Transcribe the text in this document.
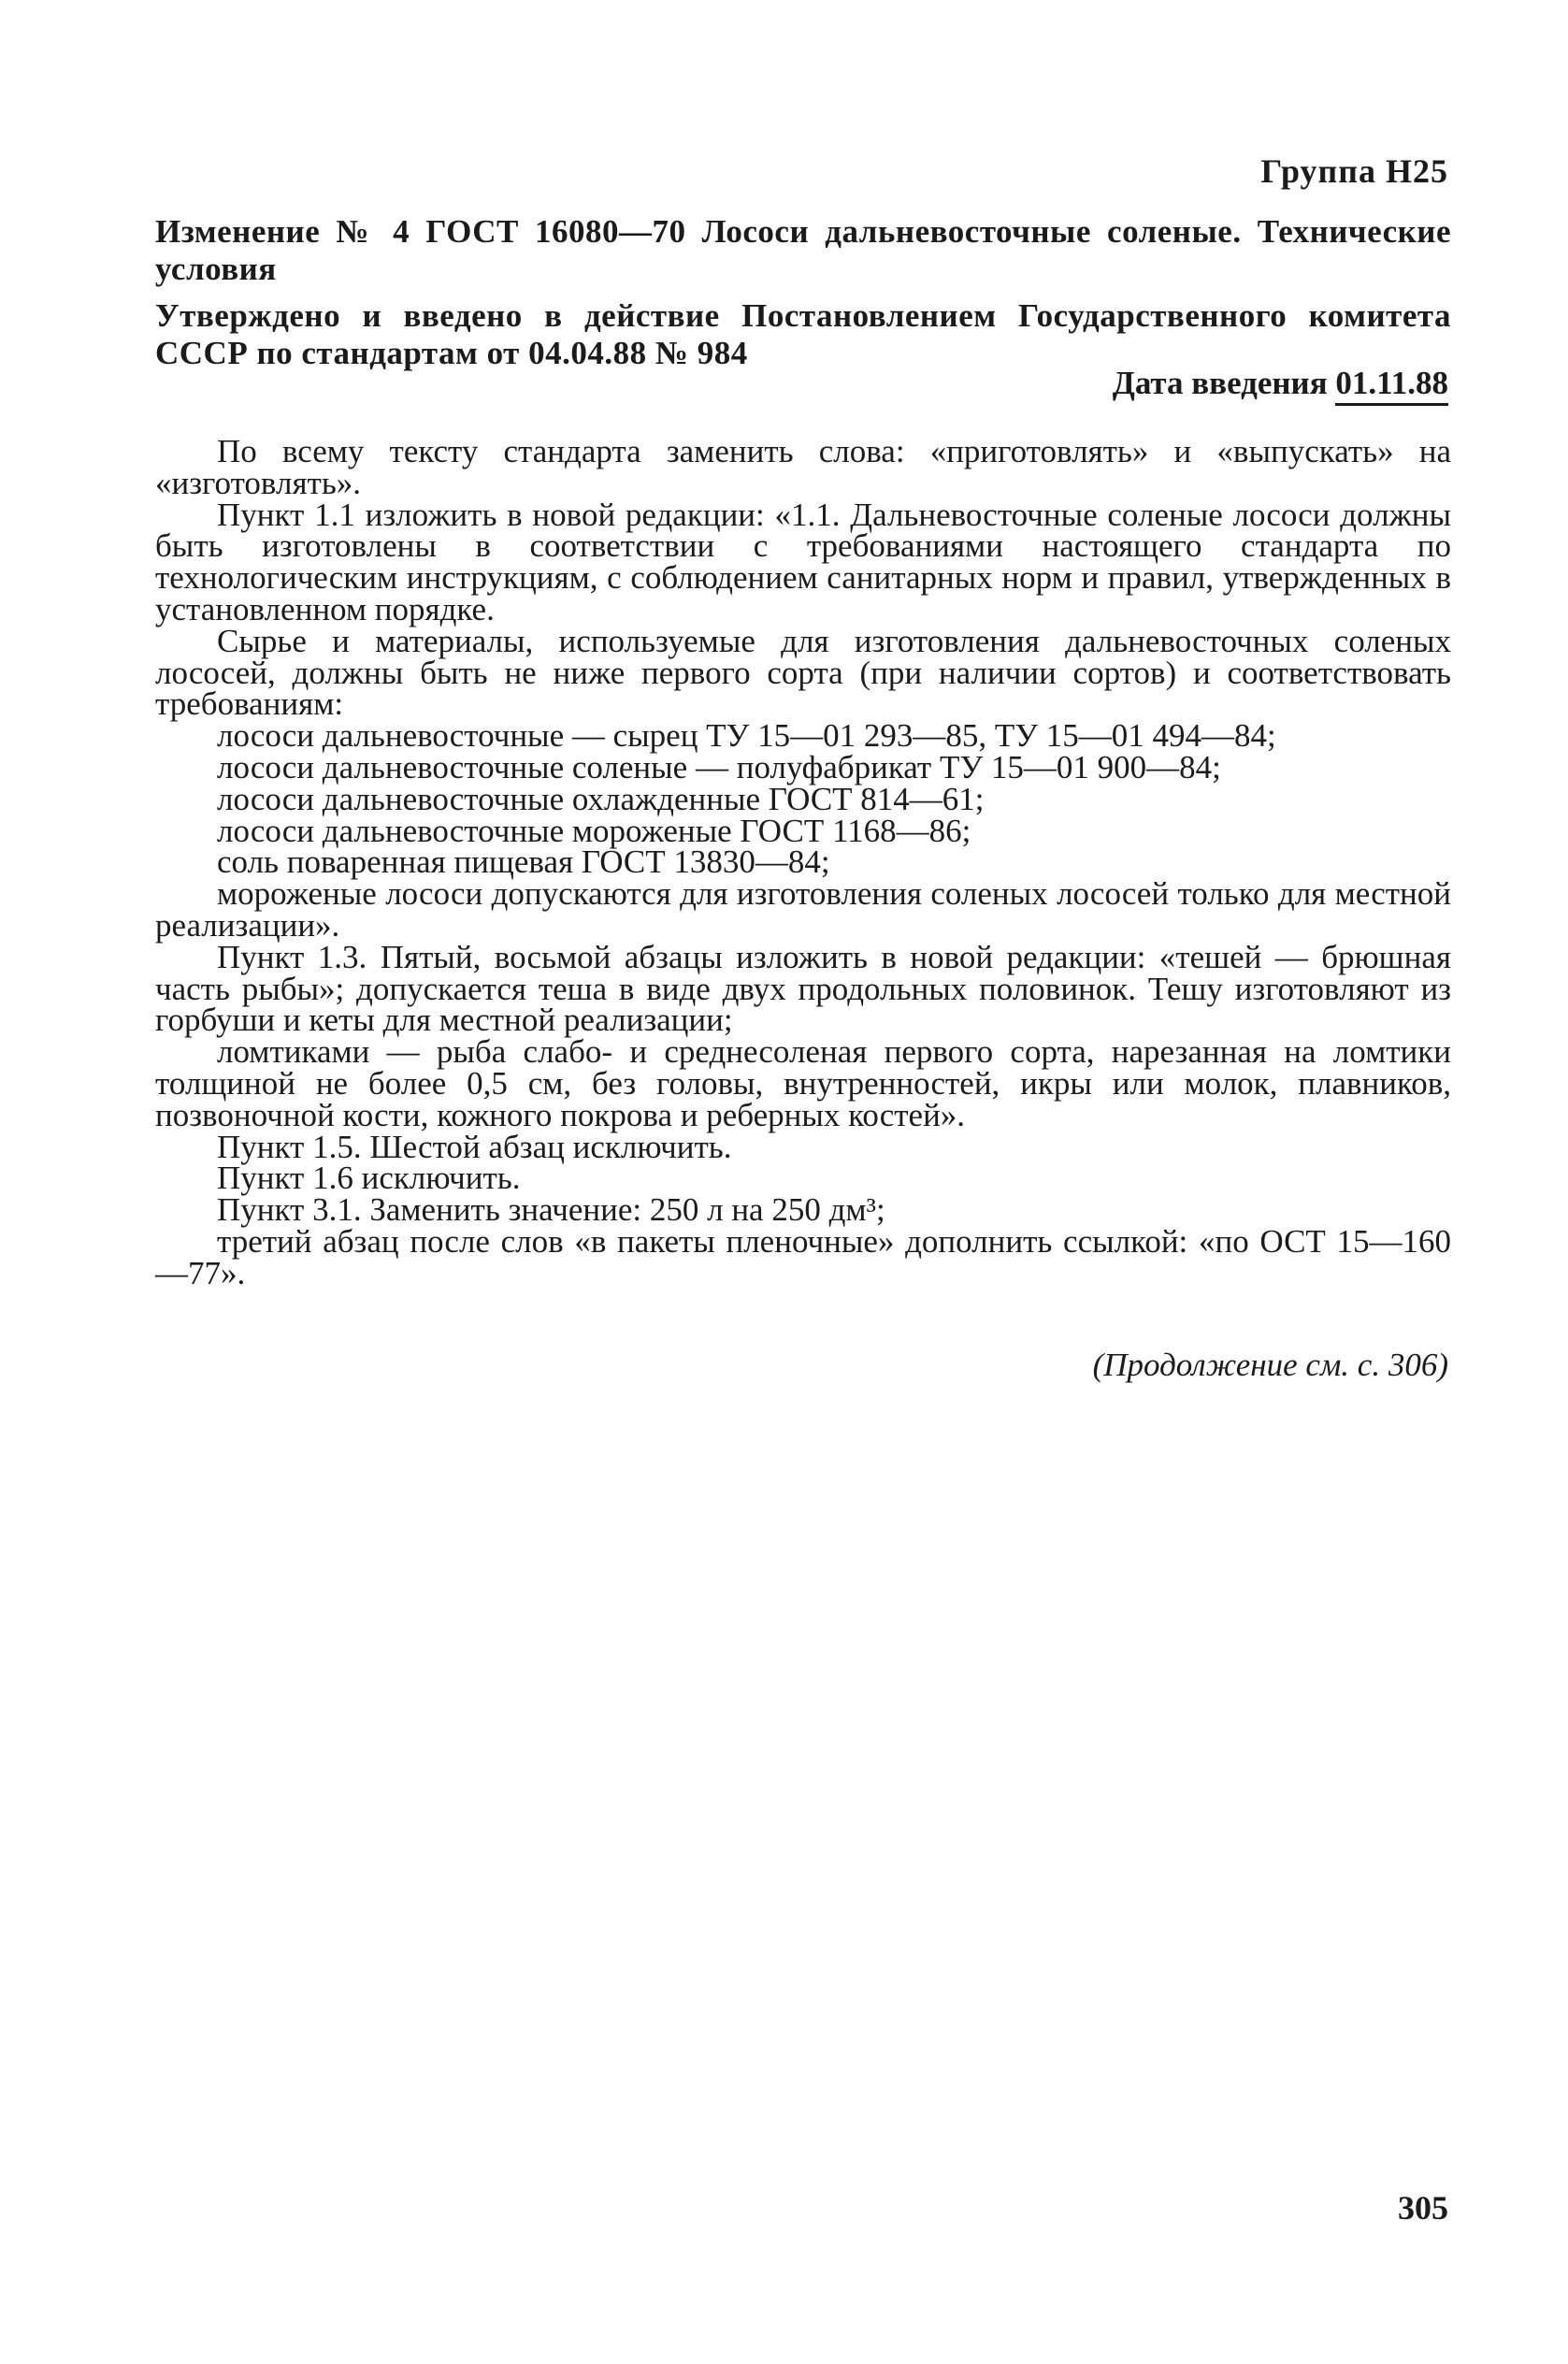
Группа Н25
Изменение № 4 ГОСТ 16080—70 Лососи дальневосточные соленые. Технические условия
Утверждено и введено в действие Постановлением Государственного комитета СССР по стандартам от 04.04.88 № 984
Дата введения 01.11.88

По всему тексту стандарта заменить слова: «приготовлять» и «выпускать» на «изготовлять».

Пункт 1.1 изложить в новой редакции: «1.1. Дальневосточные соленые лососи должны быть изготовлены в соответствии с требованиями настоящего стандарта по технологическим инструкциям, с соблюдением санитарных норм и правил, утвержденных в установленном порядке.

Сырье и материалы, используемые для изготовления дальневосточных соленых лососей, должны быть не ниже первого сорта (при наличии сортов) и соответствовать требованиям:

лососи дальневосточные — сырец ТУ 15—01 293—85, ТУ 15—01 494—84;

лососи дальневосточные соленые — полуфабрикат ТУ 15—01 900—84;

лососи дальневосточные охлажденные ГОСТ 814—61;

лососи дальневосточные мороженые ГОСТ 1168—86;

соль поваренная пищевая ГОСТ 13830—84;

мороженые лососи допускаются для изготовления соленых лососей только для местной реализации».

Пункт 1.3. Пятый, восьмой абзацы изложить в новой редакции: «тешей — брюшная часть рыбы»; допускается теша в виде двух продольных половинок. Тешу изготовляют из горбуши и кеты для местной реализации;

ломтиками — рыба слабо- и среднесоленая первого сорта, нарезанная на ломтики толщиной не более 0,5 см, без головы, внутренностей, икры или молок, плавников, позвоночной кости, кожного покрова и реберных костей».

Пункт 1.5. Шестой абзац исключить.

Пункт 1.6 исключить.

Пункт 3.1. Заменить значение: 250 л на 250 дм³;

третий абзац после слов «в пакеты пленочные» дополнить ссылкой: «по ОСТ 15—160—77».

(Продолжение см. с. 306)
305
